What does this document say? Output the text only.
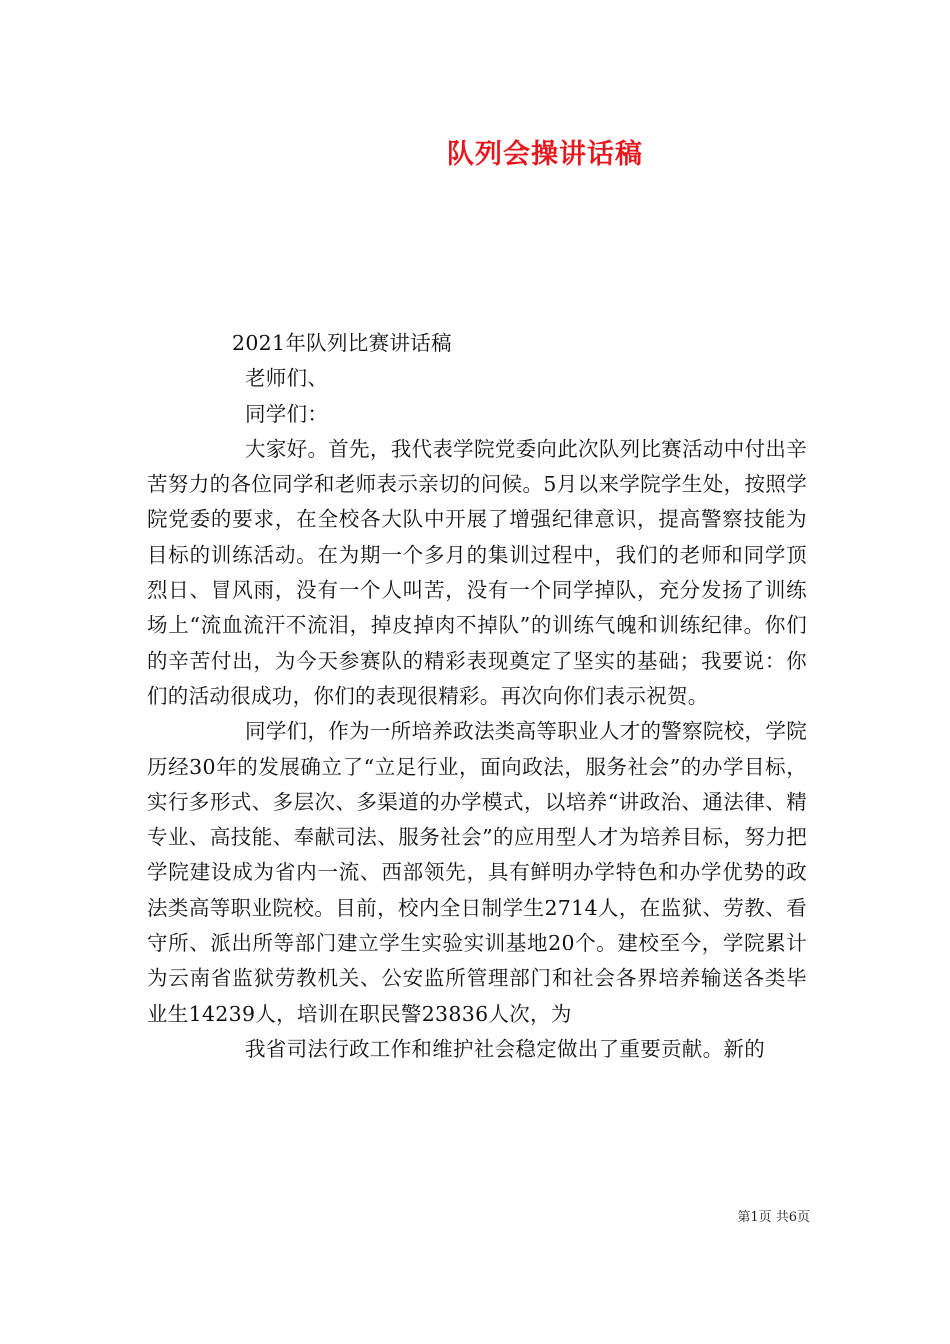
队列会操讲话稿

2021年队列比赛讲话稿

老师们、

同学们：

大家好。首先，我代表学院党委向此次队列比赛活动中付出辛苦努力的各位同学和老师表示亲切的问候。5月以来学院学生处，按照学院党委的要求，在全校各大队中开展了增强纪律意识，提高警察技能为目标的训练活动。在为期一个多月的集训过程中，我们的老师和同学顶烈日、冒风雨，没有一个人叫苦，没有一个同学掉队，充分发扬了训练场上“流血流汗不流泪，掉皮掉肉不掉队”的训练气魄和训练纪律。你们的辛苦付出，为今天参赛队的精彩表现奠定了坚实的基础；我要说：你们的活动很成功，你们的表现很精彩。再次向你们表示祝贺。

同学们，作为一所培养政法类高等职业人才的警察院校，学院历经30年的发展确立了“立足行业，面向政法，服务社会”的办学目标，实行多形式、多层次、多渠道的办学模式，以培养“讲政治、通法律、精专业、高技能、奉献司法、服务社会”的应用型人才为培养目标，努力把学院建设成为省内一流、西部领先，具有鲜明办学特色和办学优势的政法类高等职业院校。目前，校内全日制学生2714人，在监狱、劳教、看守所、派出所等部门建立学生实验实训基地20个。建校至今，学院累计为云南省监狱劳教机关、公安监所管理部门和社会各界培养输送各类毕业生14239人，培训在职民警23836人次，为

我省司法行政工作和维护社会稳定做出了重要贡献。新的

第1页 共6页
